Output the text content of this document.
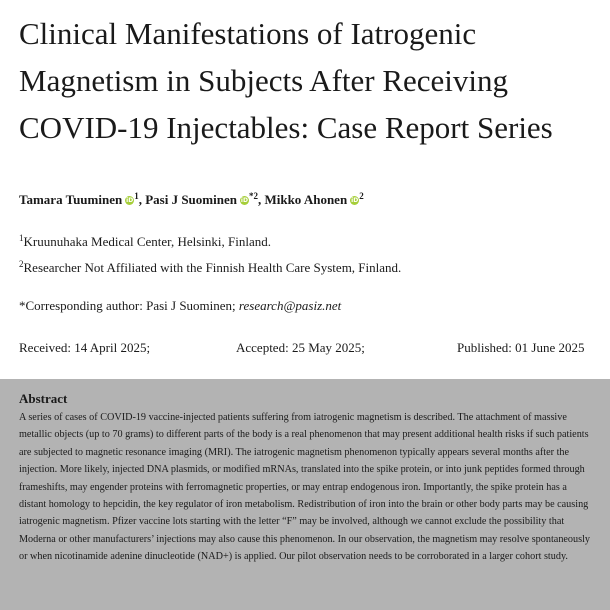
Clinical Manifestations of Iatrogenic Magnetism in Subjects After Receiving COVID-19 Injectables: Case Report Series
Tamara Tuuminen $iD^1$, Pasi J Suominen $iD^{*2}$, Mikko Ahonen $iD^2$
$^1$Kruunuhaka Medical Center, Helsinki, Finland.
$^2$Researcher Not Affiliated with the Finnish Health Care System, Finland.
*Corresponding author: Pasi J Suominen; research@pasiz.net
Received: 14 April 2025;	Accepted: 25 May 2025;	Published: 01 June 2025
Abstract

A series of cases of COVID-19 vaccine-injected patients suffering from iatrogenic magnetism is described. The attachment of massive metallic objects (up to 70 grams) to different parts of the body is a real phenomenon that may present additional health risks if such patients are subjected to magnetic resonance imaging (MRI). The iatrogenic magnetism phenomenon typically appears several months after the injection. More likely, injected DNA plasmids, or modified mRNAs, translated into the spike protein, or into junk peptides formed through frameshifts, may engender proteins with ferromagnetic properties, or may entrap endogenous iron. Importantly, the spike protein has a distant homology to hepcidin, the key regulator of iron metabolism. Redistribution of iron into the brain or other body parts may be causing iatrogenic magnetism. Pfizer vaccine lots starting with the letter “F” may be involved, although we cannot exclude the possibility that Moderna or other manufacturers’ injections may also cause this phenomenon. In our observation, the magnetism may resolve spontaneously or when nicotinamide adenine dinucleotide (NAD+) is applied. Our pilot observation needs to be corroborated in a larger cohort study.
